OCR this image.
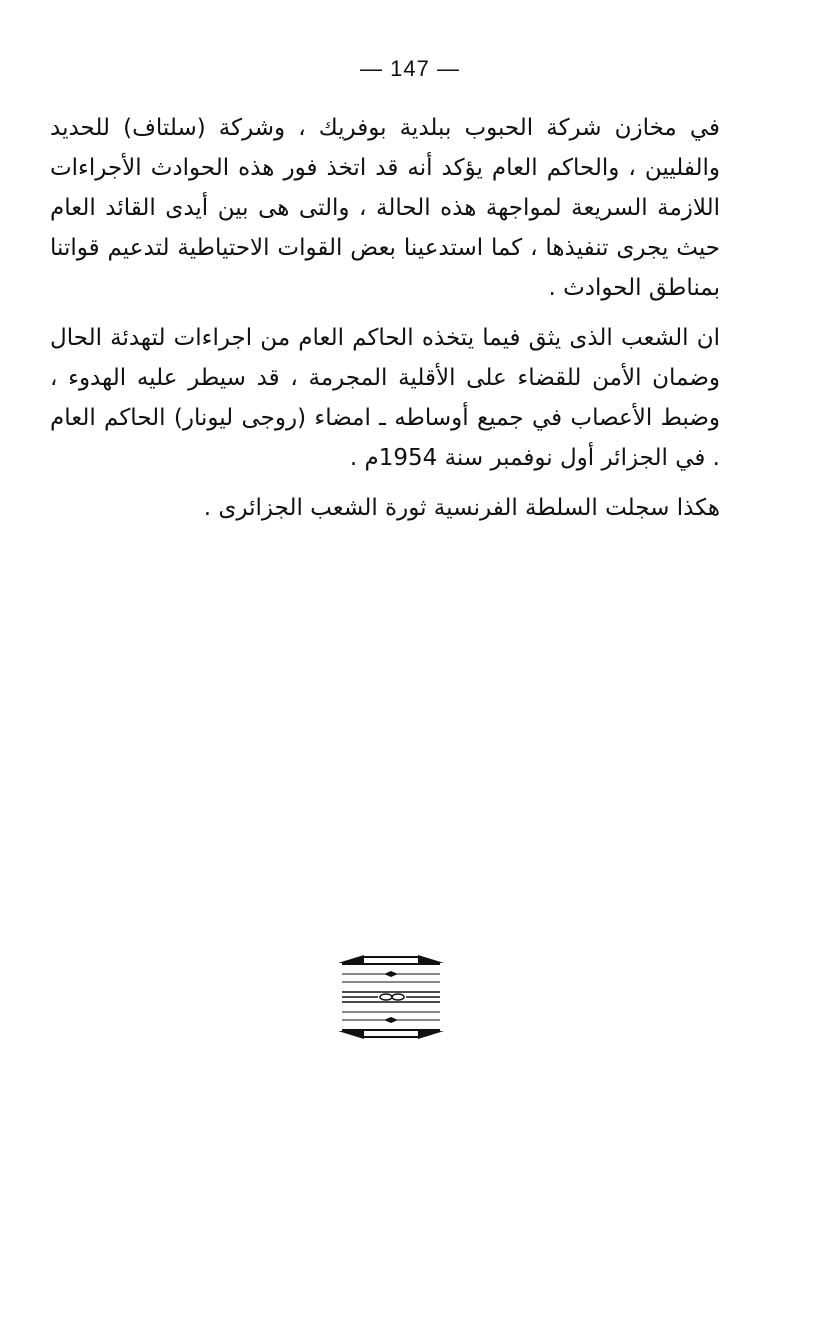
— 147 —

في مخازن شركة الحبوب ببلدية بوفريك ، وشركة (سلتاف) للحديد والفليين ، والحاكم العام يؤكد أنه قد اتخذ فور هذه الحوادث الأجراءات اللازمة السريعة لمواجهة هذه الحالة ، والتى هى بين أيدى القائد العام حيث يجرى تنفيذها ، كما استدعينا بعض القوات الاحتياطية لتدعيم قواتنا بمناطق الحوادث .

ان الشعب الذى يثق فيما يتخذه الحاكم العام من اجراءات لتهدئة الحال وضمان الأمن للقضاء على الأقلية المجرمة ، قد سيطر عليه الهدوء ، وضبط الأعصاب في جميع أوساطه ـ امضاء (روجى ليونار) الحاكم العام . في الجزائر أول نوفمبر سنة 1954م .

هكذا سجلت السلطة الفرنسية ثورة الشعب الجزائرى .
